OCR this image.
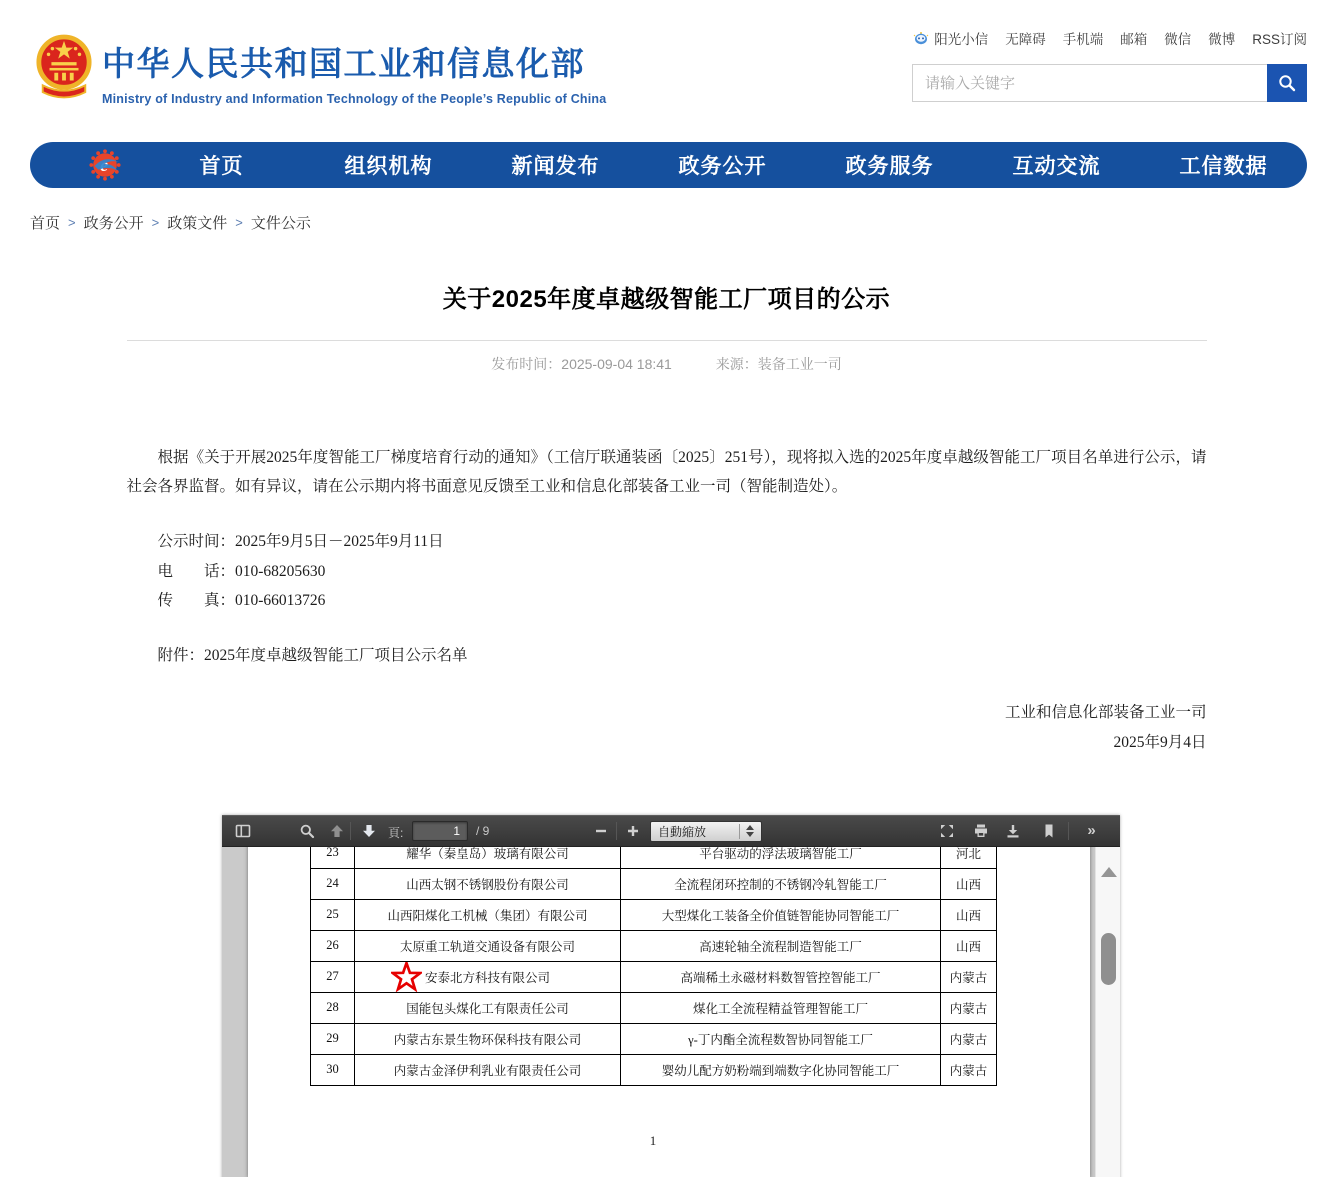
中华人民共和国工业和信息化部
Ministry of Industry and Information Technology of the People’s Republic of China
阳光小信 无障碍 手机端 邮箱 微信 微博 RSS订阅
请输入关键字
首页	组织机构	新闻发布	政务公开	政务服务	互动交流	工信数据
首页 > 政务公开 > 政策文件 > 文件公示
关于2025年度卓越级智能工厂项目的公示
发布时间：2025-09-04 18:41	来源：装备工业一司

根据《关于开展2025年度智能工厂梯度培育行动的通知》（工信厅联通装函〔2025〕251号），现将拟入选的2025年度卓越级智能工厂项目名单进行公示，请社会各界监督。如有异议，请在公示期内将书面意见反馈至工业和信息化部装备工业一司（智能制造处）。

公示时间：2025年9月5日－2025年9月11日
电　　话：010-68205630
传　　真：010-66013726
附件：2025年度卓越级智能工厂项目公示名单
工业和信息化部装备工业一司
2025年9月4日
頁:
1	/ 9	自動縮放	»
23	耀华（秦皇岛）玻璃有限公司	平台驱动的浮法玻璃智能工厂	河北
24	山西太钢不锈钢股份有限公司	全流程闭环控制的不锈钢冷轧智能工厂	山西
25	山西阳煤化工机械（集团）有限公司	大型煤化工装备全价值链智能协同智能工厂	山西
26	太原重工轨道交通设备有限公司	高速轮轴全流程制造智能工厂	山西
27	安泰北方科技有限公司	高端稀土永磁材料数智管控智能工厂	内蒙古
28	国能包头煤化工有限责任公司	煤化工全流程精益管理智能工厂	内蒙古
29	内蒙古东景生物环保科技有限公司	γ-丁内酯全流程数智协同智能工厂	内蒙古
30	内蒙古金泽伊利乳业有限责任公司	婴幼儿配方奶粉端到端数字化协同智能工厂	内蒙古
1
